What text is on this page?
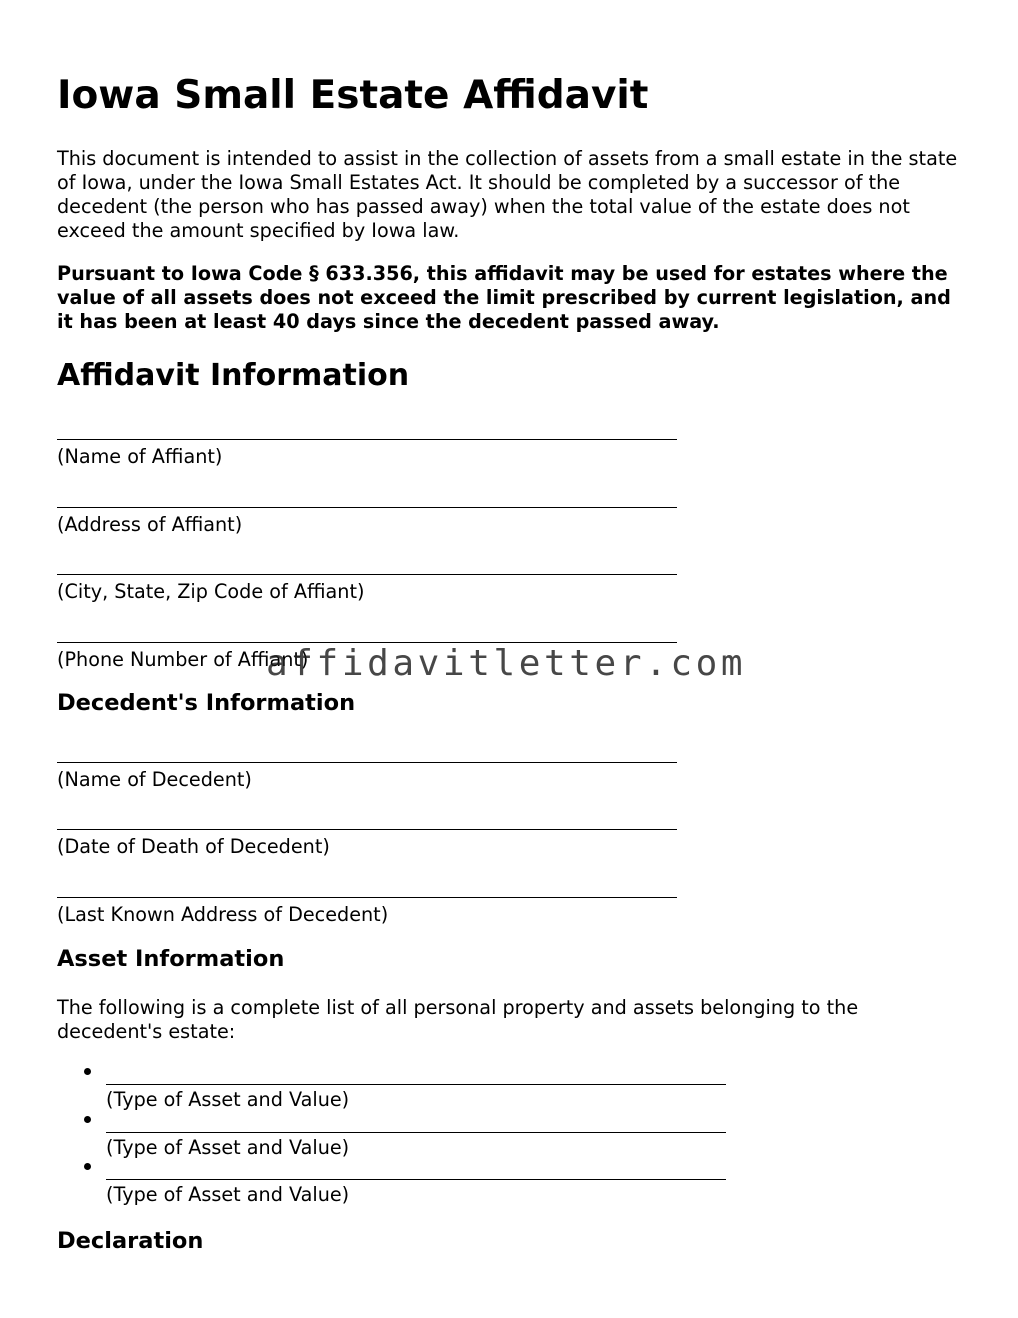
Iowa Small Estate Affidavit

This document is intended to assist in the collection of assets from a small estate in the state of Iowa, under the Iowa Small Estates Act. It should be completed by a successor of the decedent (the person who has passed away) when the total value of the estate does not exceed the amount specified by Iowa law.

Pursuant to Iowa Code § 633.356, this affidavit may be used for estates where the value of all assets does not exceed the limit prescribed by current legislation, and it has been at least 40 days since the decedent passed away.

Affidavit Information
(Name of Affiant)
(Address of Affiant)
(City, State, Zip Code of Affiant)
(Phone Number of Affiant)
Decedent's Information
(Name of Decedent)
(Date of Death of Decedent)
(Last Known Address of Decedent)
Asset Information

The following is a complete list of all personal property and assets belonging to the decedent's estate:

(Type of Asset and Value)
(Type of Asset and Value)
(Type of Asset and Value)
Declaration
affidavitletter.com
